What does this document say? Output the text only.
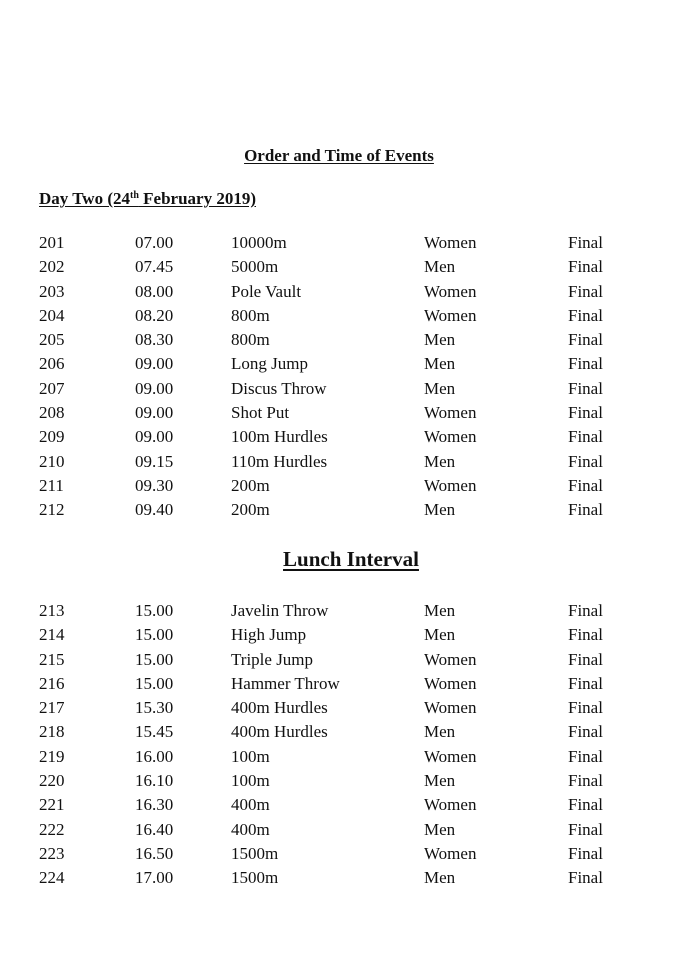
Order and Time of Events
Day Two (24th February 2019)
201	07.00	10000m	Women	Final
202	07.45	5000m	Men	Final
203	08.00	Pole Vault	Women	Final
204	08.20	800m	Women	Final
205	08.30	800m	Men	Final
206	09.00	Long Jump	Men	Final
207	09.00	Discus Throw	Men	Final
208	09.00	Shot Put	Women	Final
209	09.00	100m Hurdles	Women	Final
210	09.15	110m Hurdles	Men	Final
211	09.30	200m	Women	Final
212	09.40	200m	Men	Final
Lunch Interval
213	15.00	Javelin Throw	Men	Final
214	15.00	High Jump	Men	Final
215	15.00	Triple Jump	Women	Final
216	15.00	Hammer Throw	Women	Final
217	15.30	400m Hurdles	Women	Final
218	15.45	400m Hurdles	Men	Final
219	16.00	100m	Women	Final
220	16.10	100m	Men	Final
221	16.30	400m	Women	Final
222	16.40	400m	Men	Final
223	16.50	1500m	Women	Final
224	17.00	1500m	Men	Final
